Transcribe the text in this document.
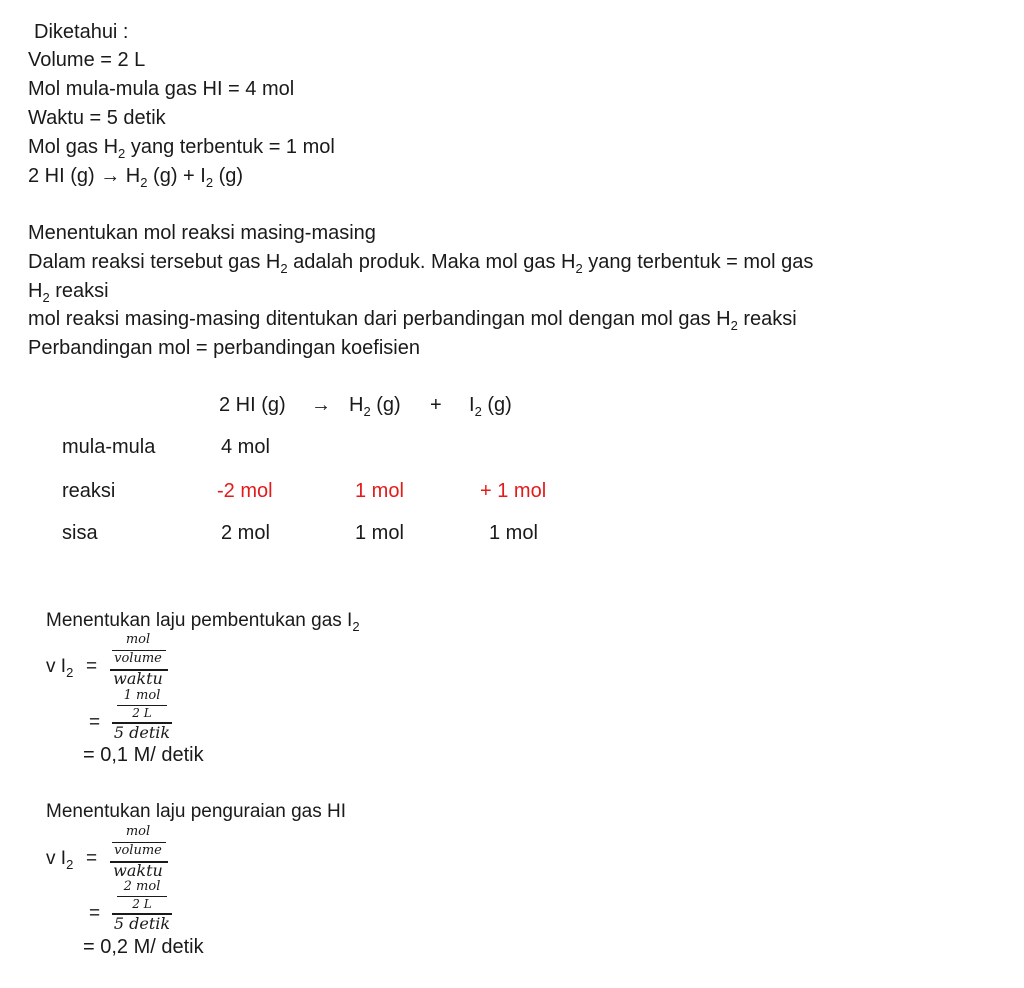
Diketahui :
Volume = 2 L
Mol mula-mula gas HI = 4 mol
Waktu = 5 detik
Mol gas $H_2$ yang terbentuk = 1 mol
2 HI $(g) \to H_2$ $(g) + I_2$ (g)
Menentukan mol reaksi masing-masing
Dalam reaksi tersebut gas $H_2$ adalah produk. Maka mol gas $H_2$ yang terbentuk = mol gas
$H_2$ reaksi
mol reaksi masing-masing ditentukan dari perbandingan mol dengan mol gas $H_2$ reaksi
Perbandingan mol = perbandingan koefisien
2 HI $(g) \to H_2$ $(g) + I_2$ (g)
mula-mula	4 mol
reaksi	-2 mol	1 mol	+ 1 mol
sisa	2 mol	1 mol	1 mol
Menentukan laju pembentukan gas $I_2$
v $I_2$ =
mol
volume
waktu
=
1 mol
2 L
5 detik
= 0,1 M/ detik
Menentukan laju penguraian gas HI
v $I_2$ =
mol
volume
waktu
=
2 mol
2 L
5 detik
= 0,2 M/ detik
